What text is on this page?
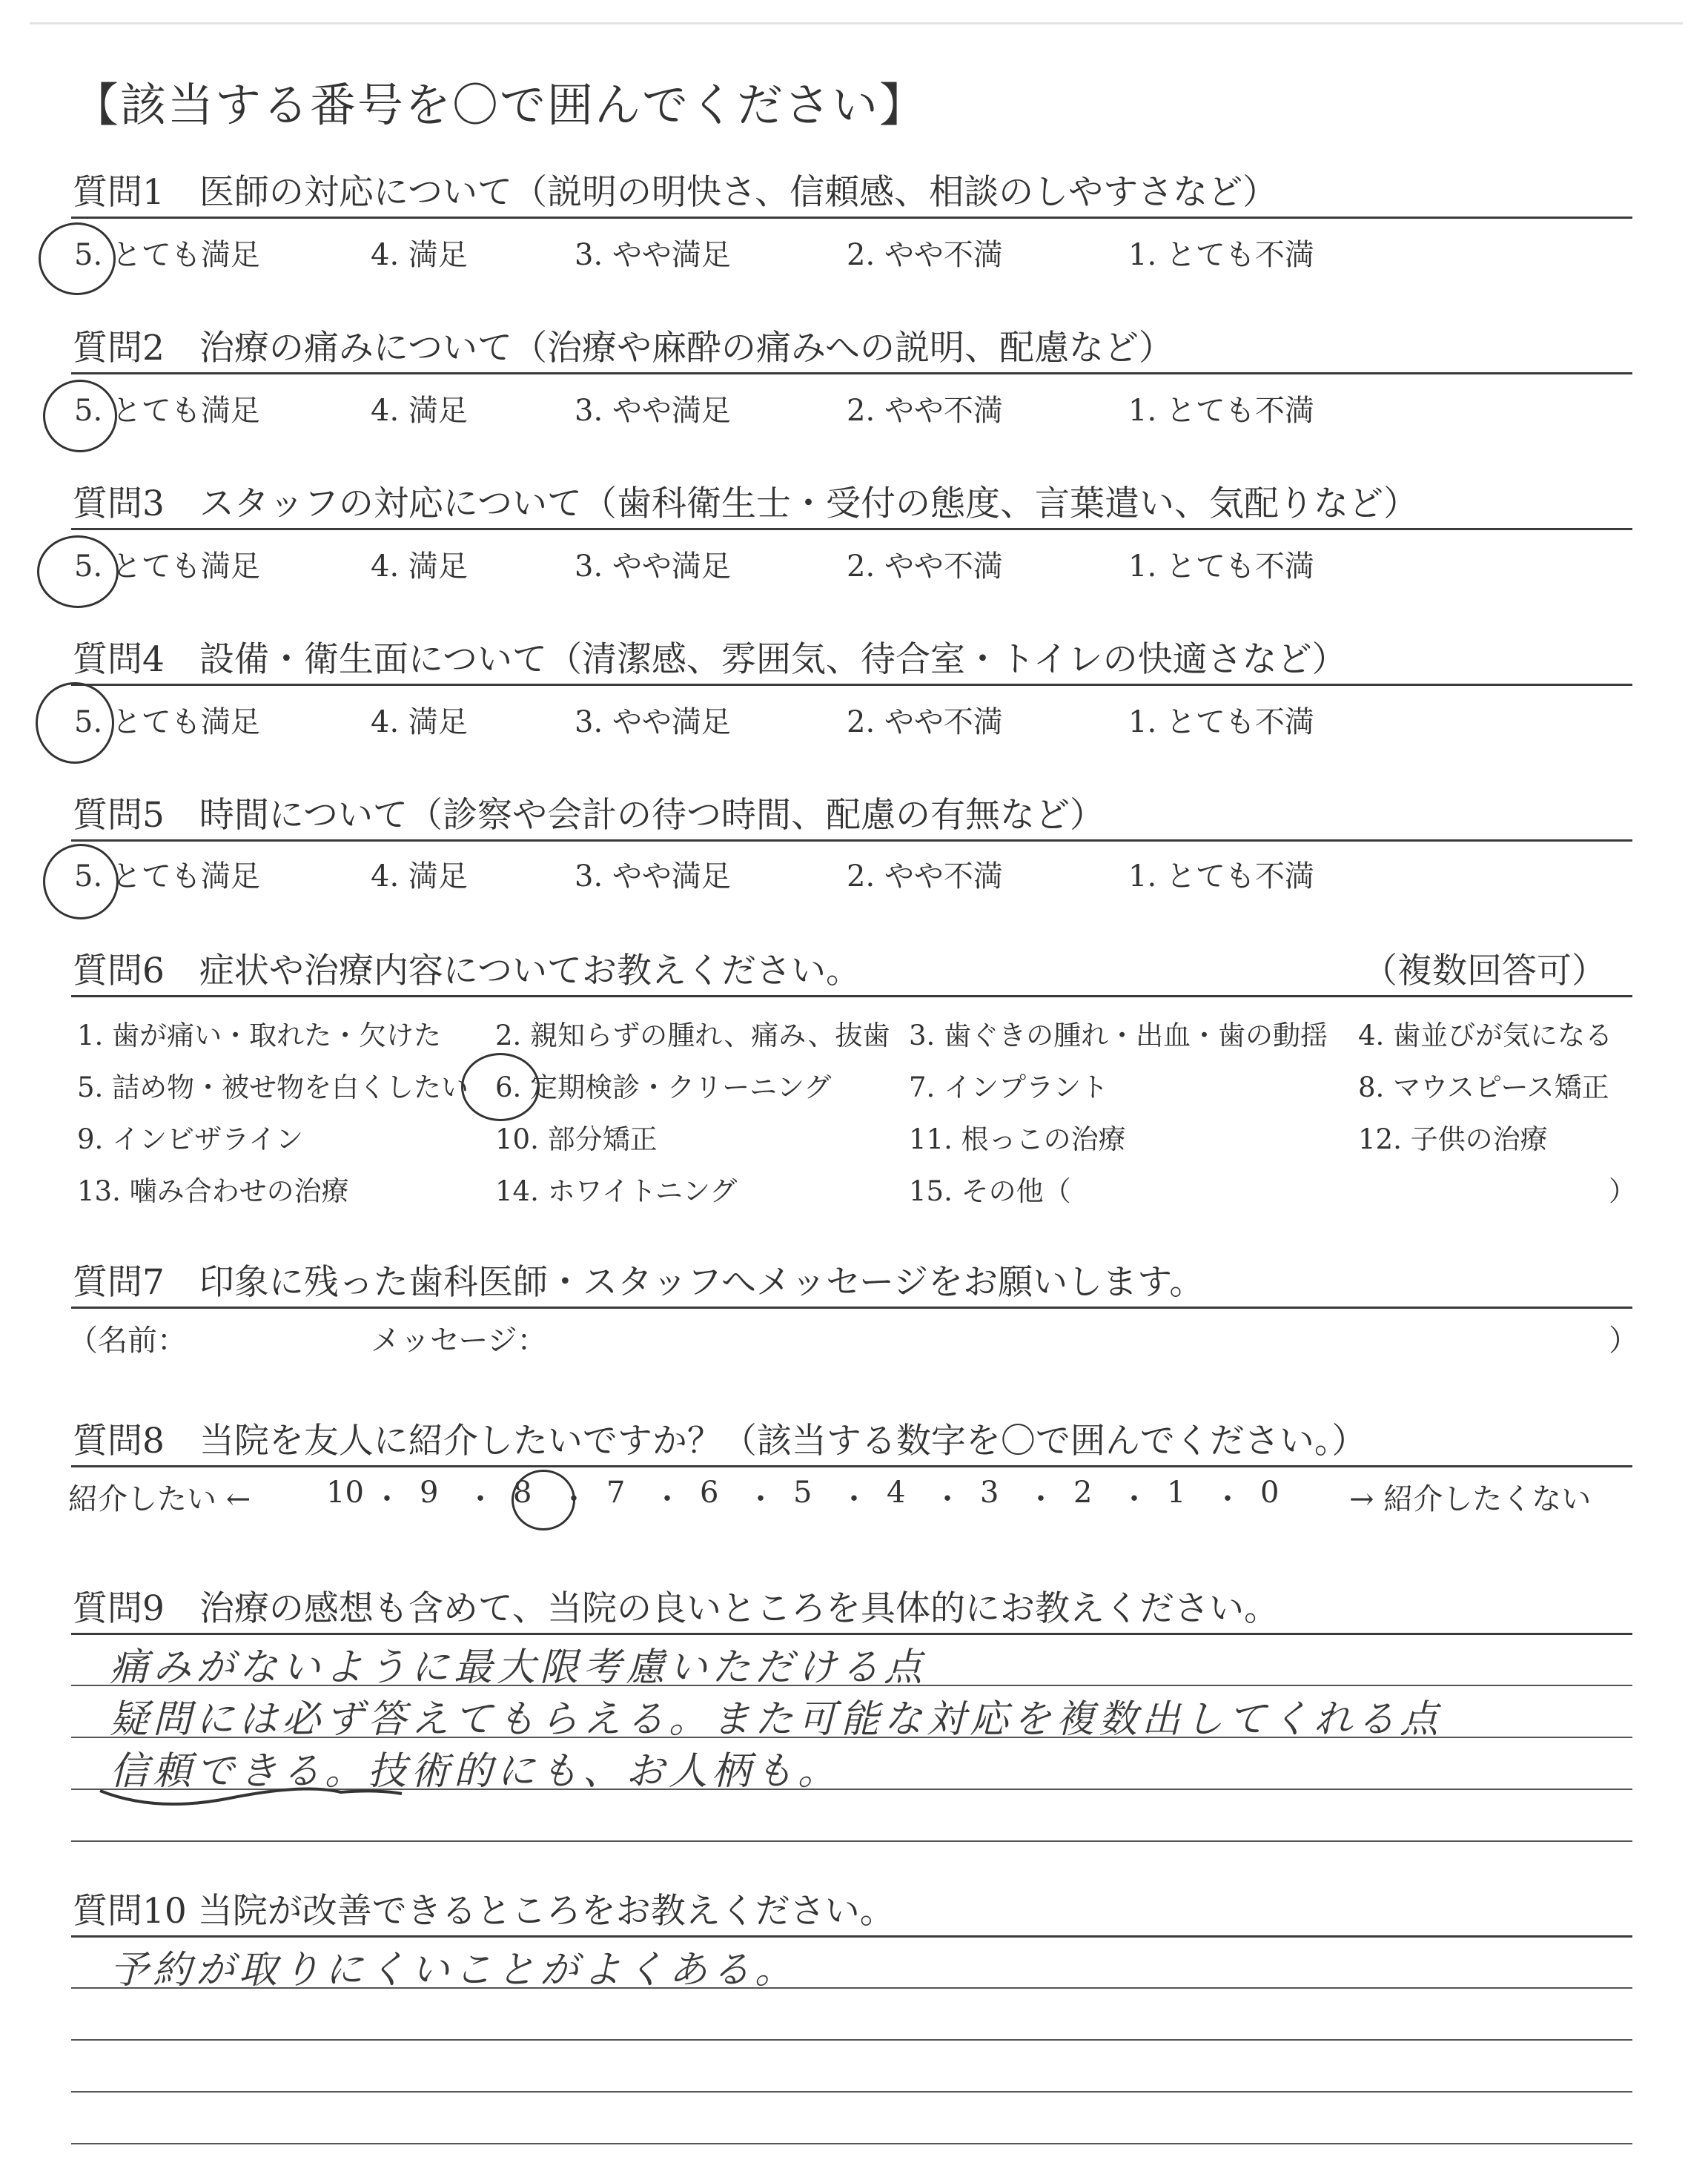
【該当する番号を〇で囲んでください】
質問1　医師の対応について（説明の明快さ、信頼感、相談のしやすさなど）
5. とても満足	4. 満足	3. やや満足	2. やや不満	1. とても不満
質問2　治療の痛みについて（治療や麻酔の痛みへの説明、配慮など）
5. とても満足	4. 満足	3. やや満足	2. やや不満	1. とても不満
質問3　スタッフの対応について（歯科衛生士・受付の態度、言葉遣い、気配りなど）
5. とても満足	4. 満足	3. やや満足	2. やや不満	1. とても不満
質問4　設備・衛生面について（清潔感、雰囲気、待合室・トイレの快適さなど）
5. とても満足	4. 満足	3. やや満足	2. やや不満	1. とても不満
質問5　時間について（診察や会計の待つ時間、配慮の有無など）
5. とても満足	4. 満足	3. やや満足	2. やや不満	1. とても不満
質問6　症状や治療内容についてお教えください。	（複数回答可）
1. 歯が痛い・取れた・欠けた 2. 親知らずの腫れ、痛み、抜歯 3. 歯ぐきの腫れ・出血・歯の動揺 4. 歯並びが気になる
5. 詰め物・被せ物を白くしたい 6. 定期検診・クリーニング	7. インプラント	8. マウスピース矯正
9. インビザライン	10. 部分矯正	11. 根っこの治療	12. 子供の治療
13. 噛み合わせの治療	14. ホワイトニング	15. その他（	）
質問7　印象に残った歯科医師・スタッフへメッセージをお願いします。
（名前：	メッセージ：	）
質問8　当院を友人に紹介したいですか？（該当する数字を〇で囲んでください。）
紹介したい ←	→ 紹介したくない
10 ・ 9 ・ 8 ・ 7 ・ 6 ・ 5 ・ 4 ・ 3 ・ 2 ・ 1 ・ 0
質問9　治療の感想も含めて、当院の良いところを具体的にお教えください。
痛みがないように最大限考慮いただける点
疑問には必ず答えてもらえる。また可能な対応を複数出してくれる点
信頼できる。技術的にも、お人柄も。
質問10 当院が改善できるところをお教えください。
予約が取りにくいことがよくある。
